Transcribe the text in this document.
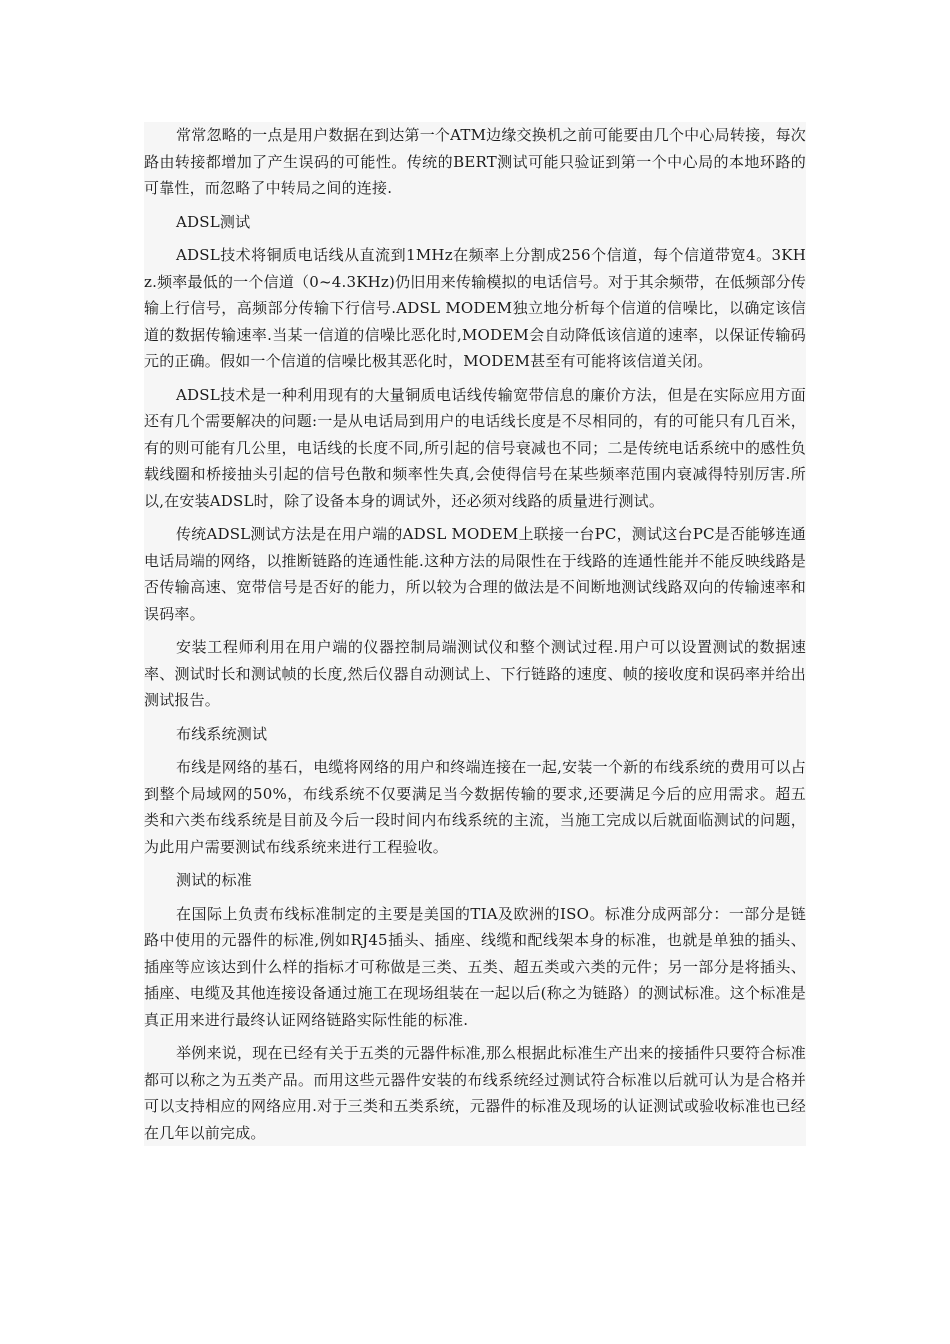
常常忽略的一点是用户数据在到达第一个ATM边缘交换机之前可能要由几个中心局转接，每次路由转接都增加了产生误码的可能性。传统的BERT测试可能只验证到第一个中心局的本地环路的可靠性，而忽略了中转局之间的连接.

ADSL测试

ADSL技术将铜质电话线从直流到1MHz在频率上分割成256个信道，每个信道带宽4。3KHz.频率最低的一个信道（0~4.3KHz)仍旧用来传输模拟的电话信号。对于其余频带，在低频部分传输上行信号，高频部分传输下行信号.ADSL MODEM独立地分析每个信道的信噪比，以确定该信道的数据传输速率.当某一信道的信噪比恶化时,MODEM会自动降低该信道的速率，以保证传输码元的正确。假如一个信道的信噪比极其恶化时，MODEM甚至有可能将该信道关闭。

ADSL技术是一种利用现有的大量铜质电话线传输宽带信息的廉价方法，但是在实际应用方面还有几个需要解决的问题:一是从电话局到用户的电话线长度是不尽相同的，有的可能只有几百米，有的则可能有几公里，电话线的长度不同,所引起的信号衰减也不同；二是传统电话系统中的感性负载线圈和桥接抽头引起的信号色散和频率性失真,会使得信号在某些频率范围内衰减得特别厉害.所以,在安装ADSL时，除了设备本身的调试外，还必须对线路的质量进行测试。

传统ADSL测试方法是在用户端的ADSL MODEM上联接一台PC，测试这台PC是否能够连通电话局端的网络，以推断链路的连通性能.这种方法的局限性在于线路的连通性能并不能反映线路是否传输高速、宽带信号是否好的能力，所以较为合理的做法是不间断地测试线路双向的传输速率和误码率。

安装工程师利用在用户端的仪器控制局端测试仪和整个测试过程.用户可以设置测试的数据速率、测试时长和测试帧的长度,然后仪器自动测试上、下行链路的速度、帧的接收度和误码率并给出测试报告。

布线系统测试

布线是网络的基石，电缆将网络的用户和终端连接在一起,安装一个新的布线系统的费用可以占到整个局域网的50%，布线系统不仅要满足当今数据传输的要求,还要满足今后的应用需求。超五类和六类布线系统是目前及今后一段时间内布线系统的主流，当施工完成以后就面临测试的问题，为此用户需要测试布线系统来进行工程验收。

测试的标准

在国际上负责布线标准制定的主要是美国的TIA及欧洲的ISO。标准分成两部分：一部分是链路中使用的元器件的标准,例如RJ45插头、插座、线缆和配线架本身的标准，也就是单独的插头、插座等应该达到什么样的指标才可称做是三类、五类、超五类或六类的元件；另一部分是将插头、插座、电缆及其他连接设备通过施工在现场组装在一起以后(称之为链路）的测试标准。这个标准是真正用来进行最终认证网络链路实际性能的标准.

举例来说，现在已经有关于五类的元器件标准,那么根据此标准生产出来的接插件只要符合标准都可以称之为五类产品。而用这些元器件安装的布线系统经过测试符合标准以后就可认为是合格并可以支持相应的网络应用.对于三类和五类系统，元器件的标准及现场的认证测试或验收标准也已经在几年以前完成。
